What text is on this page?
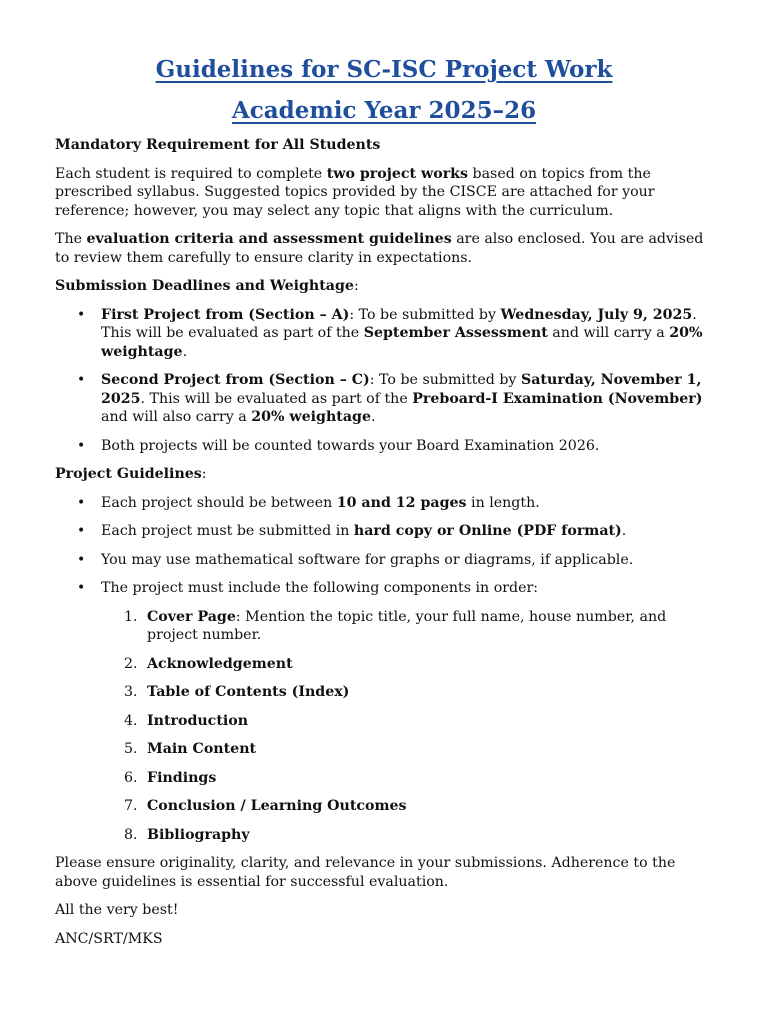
Guidelines for SC-ISC Project Work
Academic Year 2025–26
Mandatory Requirement for All Students

Each student is required to complete two project works based on topics from the prescribed syllabus. Suggested topics provided by the CISCE are attached for your reference; however, you may select any topic that aligns with the curriculum.

The evaluation criteria and assessment guidelines are also enclosed. You are advised to review them carefully to ensure clarity in expectations.

Submission Deadlines and Weightage:
• First Project from (Section – A): To be submitted by Wednesday, July 9, 2025. This will be evaluated as part of the September Assessment and will carry a 20% weightage.
• Second Project from (Section – C): To be submitted by Saturday, November 1, 2025. This will be evaluated as part of the Preboard-I Examination (November) and will also carry a 20% weightage.
• Both projects will be counted towards your Board Examination 2026.
Project Guidelines:
• Each project should be between 10 and 12 pages in length.
• Each project must be submitted in hard copy or Online (PDF format).
• You may use mathematical software for graphs or diagrams, if applicable.
• The project must include the following components in order:
1. Cover Page: Mention the topic title, your full name, house number, and project number.
2. Acknowledgement
3. Table of Contents (Index)
4. Introduction
5. Main Content
6. Findings
7. Conclusion / Learning Outcomes
8. Bibliography

Please ensure originality, clarity, and relevance in your submissions. Adherence to the above guidelines is essential for successful evaluation.

All the very best!

ANC/SRT/MKS
